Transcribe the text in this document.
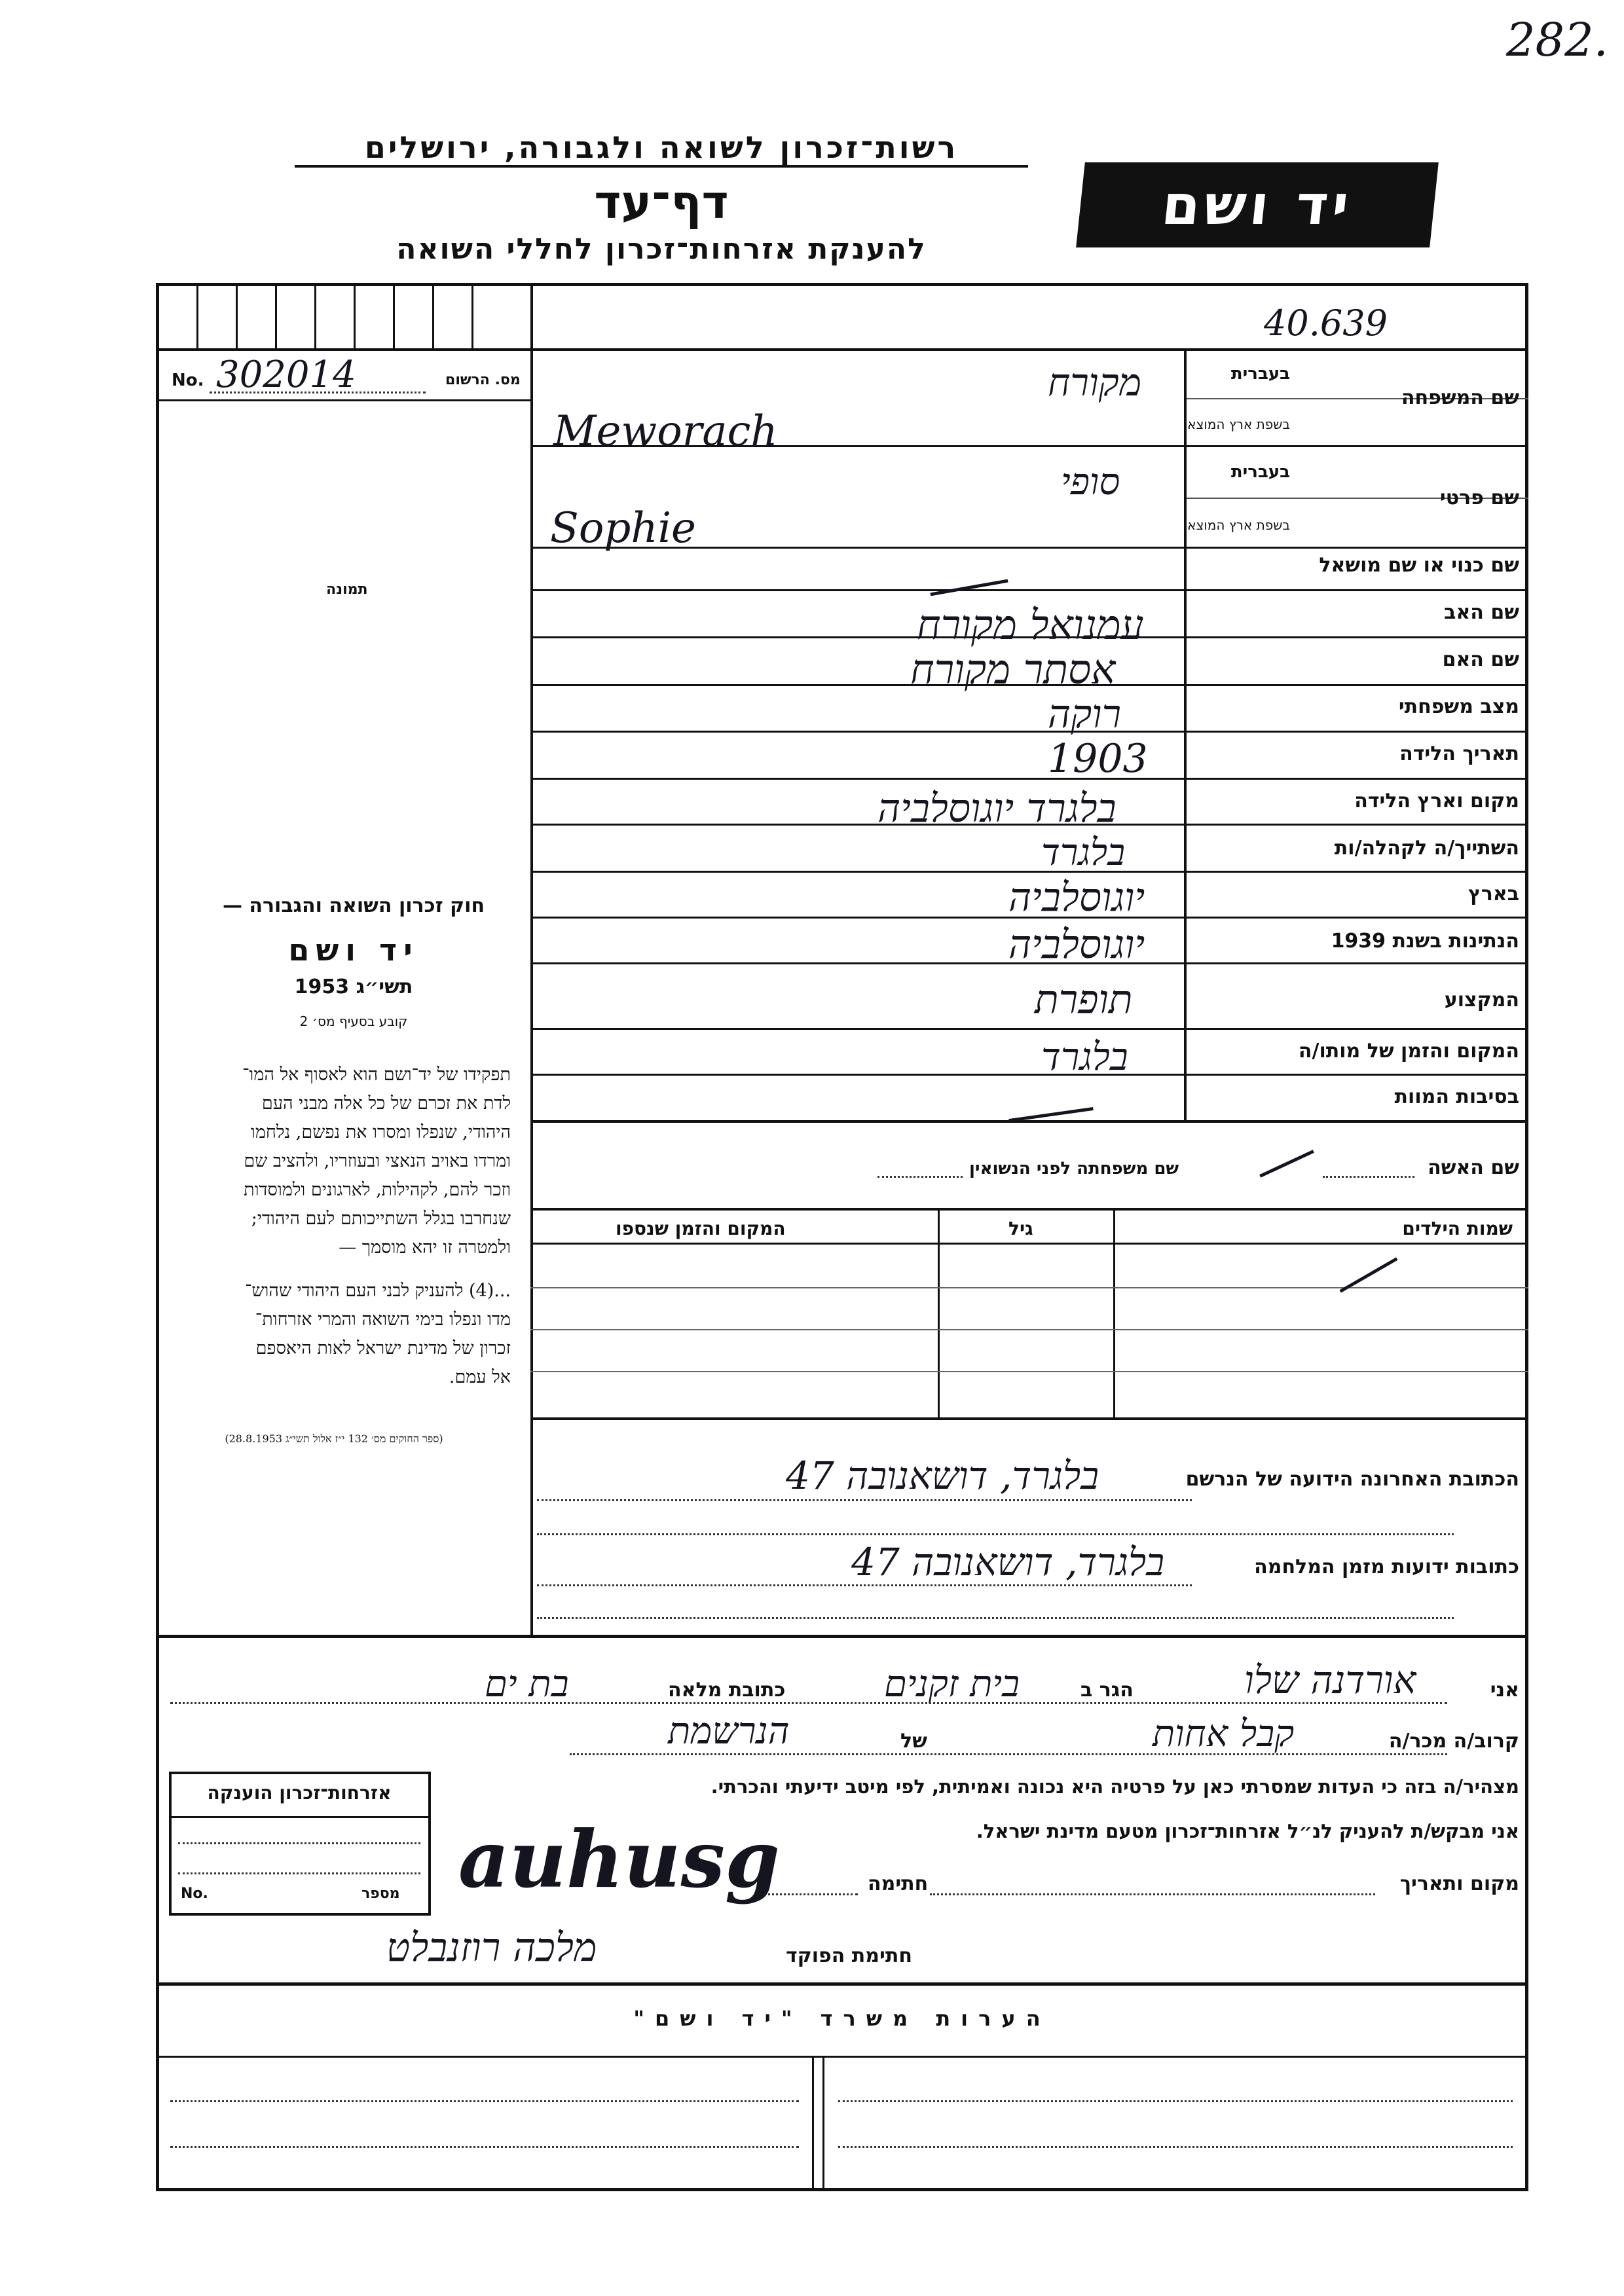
282.
רשות־זכרון לשואה ולגבורה, ירושלים
דף־עד
להענקת אזרחות־זכרון לחללי השואה
יד ושם
40.639
No. 302014	מס. הרשום
תמונה
שם המשפחה
בעברית
בשפת ארץ המוצא
שם פרטי
בעברית
בשפת ארץ המוצא
שם כנוי או שם מושאל
שם האב
שם האם
מצב משפחתי
תאריך הלידה
מקום וארץ הלידה
השתייך/ה לקהלה/ות
בארץ
הנתינות בשנת 1939
המקצוע
המקום והזמן של מותו/ה
בסיבות המוות
מקורח
Meworach
סופי
Sophie
עמנואל מקורח
אסתר מקורח
רוקה
1903
בלגרד יוגוסלביה
בלגרד
יוגוסלביה
יוגוסלביה
תופרת
בלגרד
שם האשה
שם משפחתה לפני הנשואין
שמות הילדים
גיל
המקום והזמן שנספו
חוק זכרון השואה והגבורה —
יד ושם
תשי״ג 1953
קובע בסעיף מס׳ 2
תפקידו של יד־ושם הוא לאסוף אל המו־
לדת את זכרם של כל אלה מבני העם
היהודי, שנפלו ומסרו את נפשם, נלחמו
ומרדו באויב הנאצי ובעוזריו, ולהציב שם
וזכר להם, לקהילות, לארגונים ולמוסדות
שנחרבו בגלל השתייכותם לעם היהודי;
ולמטרה זו יהא מוסמך —
...(4) להעניק לבני העם היהודי שהוש־
מדו ונפלו בימי השואה והמרי אזרחות־
זכרון של מדינת ישראל לאות היאספם
אל עמם.
(ספר החוקים מס׳ 132 י״ז אלול תשי״ג 28.8.1953)
הכתובת האחרונה הידועה של הנרשם
בלגרד, דושאנובה 47
כתובות ידועות מזמן המלחמה
בלגרד, דושאנובה 47
אני
אורדנה שלו
הגר ב
בית זקנים
כתובת מלאה
בת ים
קרוב/ה מכר/ה
קבל אחות
של
הנרשמת
מצהיר/ה בזה כי העדות שמסרתי כאן על פרטיה היא נכונה ואמיתית, לפי מיטב ידיעתי והכרתי.
אני מבקש/ת להעניק לנ״ל אזרחות־זכרון מטעם מדינת ישראל.
מקום ותאריך
חתימה
auhusg
חתימת הפוקד
מלכה רוזנבלט
אזרחות־זכרון הוענקה
No.	מספר
הערות משרד "יד ושם"
